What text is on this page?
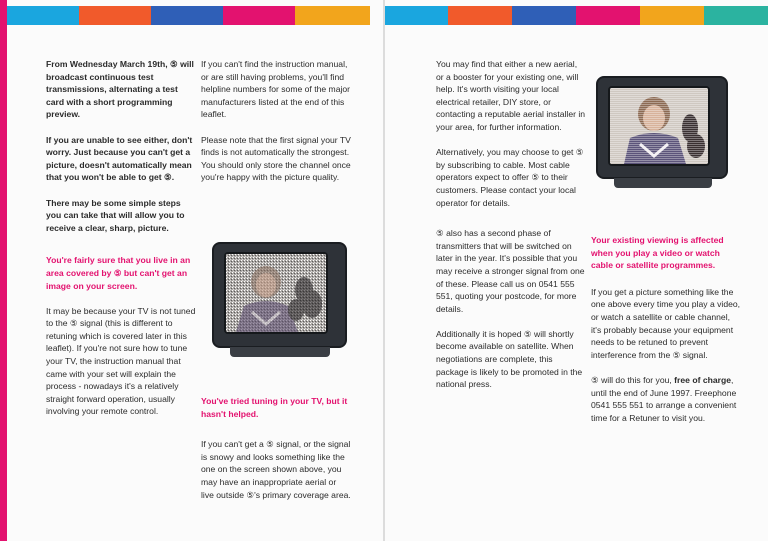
From Wednesday March 19th, ⑤ will broadcast continuous test transmissions, alternating a test card with a short programming preview.

If you are unable to see either, don't worry. Just because you can't get a picture, doesn't automatically mean that you won't be able to get ⑤.

There may be some simple steps you can take that will allow you to receive a clear, sharp, picture.

You're fairly sure that you live in an area covered by ⑤ but can't get an image on your screen.

It may be because your TV is not tuned to the ⑤ signal (this is different to retuning which is covered later in this leaflet). If you're not sure how to tune your TV, the instruction manual that came with your set will explain the process - nowadays it's a relatively straight forward operation, usually involving your remote control.

If you can't find the instruction manual, or are still having problems, you'll find helpline numbers for some of the major manufacturers listed at the end of this leaflet.

Please note that the first signal your TV finds is not automatically the strongest. You should only store the channel once you're happy with the picture quality.

You've tried tuning in your TV, but it hasn't helped.

If you can't get a ⑤ signal, or the signal is snowy and looks something like the one on the screen shown above, you may have an inappropriate aerial or live outside ⑤'s primary coverage area.

You may find that either a new aerial, or a booster for your existing one, will help. It's worth visiting your local electrical retailer, DIY store, or contacting a reputable aerial installer in your area, for further information.

Alternatively, you may choose to get ⑤ by subscribing to cable. Most cable operators expect to offer ⑤ to their customers. Please contact your local operator for details.

⑤ also has a second phase of transmitters that will be switched on later in the year. It's possible that you may receive a stronger signal from one of these. Please call us on 0541 555 551, quoting your postcode, for more details.

Additionally it is hoped ⑤ will shortly become available on satellite. When negotiations are complete, this package is likely to be promoted in the national press.

Your existing viewing is affected when you play a video or watch cable or satellite programmes.

If you get a picture something like the one above every time you play a video, or watch a satellite or cable channel, it's probably because your equipment needs to be retuned to prevent interference from the ⑤ signal.

⑤ will do this for you, free of charge, until the end of June 1997. Freephone 0541 555 551 to arrange a convenient time for a Retuner to visit you.
